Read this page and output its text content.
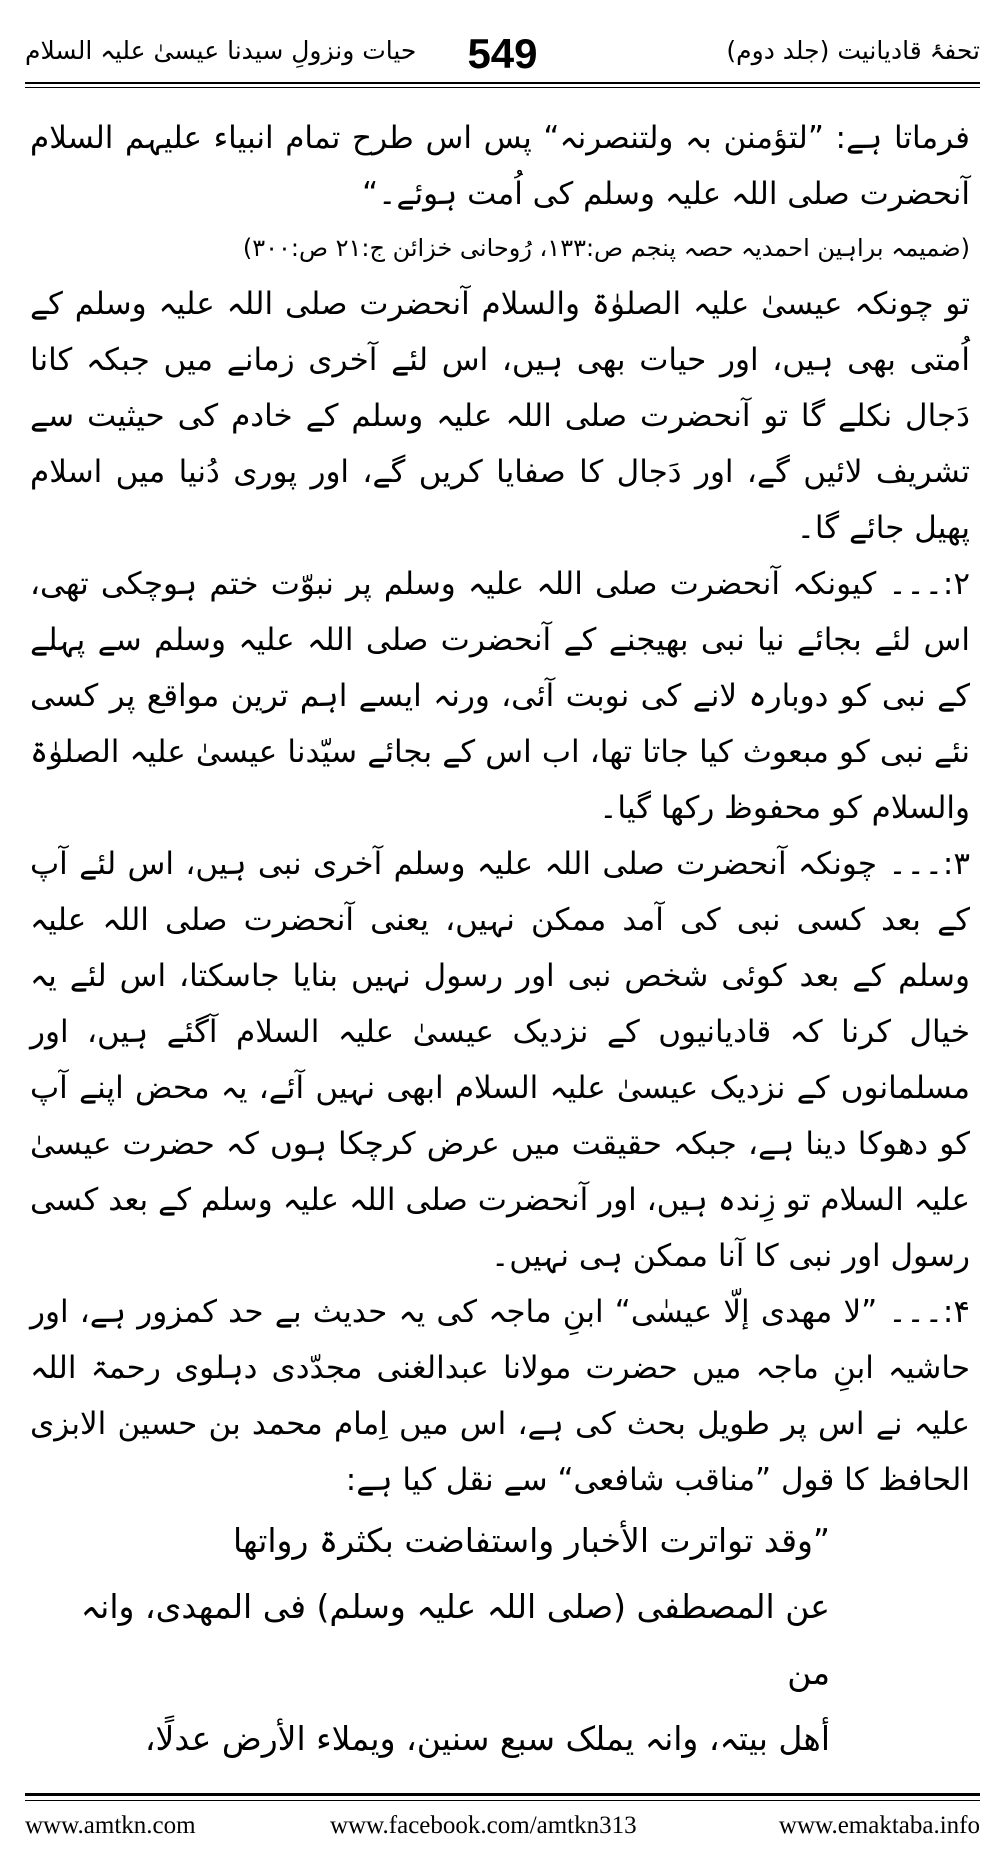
تحفۂ قادیانیت (جلد دوم)
549
حیات ونزولِ سیدنا عیسیٰ علیہ السلام

فرماتا ہے: ”لتؤمنن بہ ولتنصرنہ“ پس اس طرح تمام انبیاء علیہم السلام آنحضرت صلی اللہ علیہ وسلم کی اُمت ہوئے۔“

(ضمیمہ براہین احمدیہ حصہ پنجم ص:۱۳۳، رُوحانی خزائن ج:۲۱ ص:۳۰۰)

تو چونکہ عیسیٰ علیہ الصلوٰۃ والسلام آنحضرت صلی اللہ علیہ وسلم کے اُمتی بھی ہیں، اور حیات بھی ہیں، اس لئے آخری زمانے میں جبکہ کانا دَجال نکلے گا تو آنحضرت صلی اللہ علیہ وسلم کے خادم کی حیثیت سے تشریف لائیں گے، اور دَجال کا صفایا کریں گے، اور پوری دُنیا میں اسلام پھیل جائے گا۔

۲:۔۔۔ کیونکہ آنحضرت صلی اللہ علیہ وسلم پر نبوّت ختم ہوچکی تھی، اس لئے بجائے نیا نبی بھیجنے کے آنحضرت صلی اللہ علیہ وسلم سے پہلے کے نبی کو دوبارہ لانے کی نوبت آئی، ورنہ ایسے اہم ترین مواقع پر کسی نئے نبی کو مبعوث کیا جاتا تھا، اب اس کے بجائے سیّدنا عیسیٰ علیہ الصلوٰۃ والسلام کو محفوظ رکھا گیا۔

۳:۔۔۔ چونکہ آنحضرت صلی اللہ علیہ وسلم آخری نبی ہیں، اس لئے آپ کے بعد کسی نبی کی آمد ممکن نہیں، یعنی آنحضرت صلی اللہ علیہ وسلم کے بعد کوئی شخص نبی اور رسول نہیں بنایا جاسکتا، اس لئے یہ خیال کرنا کہ قادیانیوں کے نزدیک عیسیٰ علیہ السلام آگئے ہیں، اور مسلمانوں کے نزدیک عیسیٰ علیہ السلام ابھی نہیں آئے، یہ محض اپنے آپ کو دھوکا دینا ہے، جبکہ حقیقت میں عرض کرچکا ہوں کہ حضرت عیسیٰ علیہ السلام تو زِندہ ہیں، اور آنحضرت صلی اللہ علیہ وسلم کے بعد کسی رسول اور نبی کا آنا ممکن ہی نہیں۔

۴:۔۔۔ ”لا مھدی إلّا عیسٰی“ ابنِ ماجہ کی یہ حدیث بے حد کمزور ہے، اور حاشیہ ابنِ ماجہ میں حضرت مولانا عبدالغنی مجدّدی دہلوی رحمۃ اللہ علیہ نے اس پر طویل بحث کی ہے، اس میں اِمام محمد بن حسین الابزی الحافظ کا قول ”مناقب شافعی“ سے نقل کیا ہے:

”وقد تواترت الأخبار واستفاضت بکثرۃ رواتھا

عن المصطفی (صلی اللہ علیہ وسلم) فی المھدی، وانہ من

أھل بیتہ، وانہ یملک سبع سنین، ویملاء الأرض عدلًا،

www.amtkn.com	www.facebook.com/amtkn313	www.emaktaba.info
